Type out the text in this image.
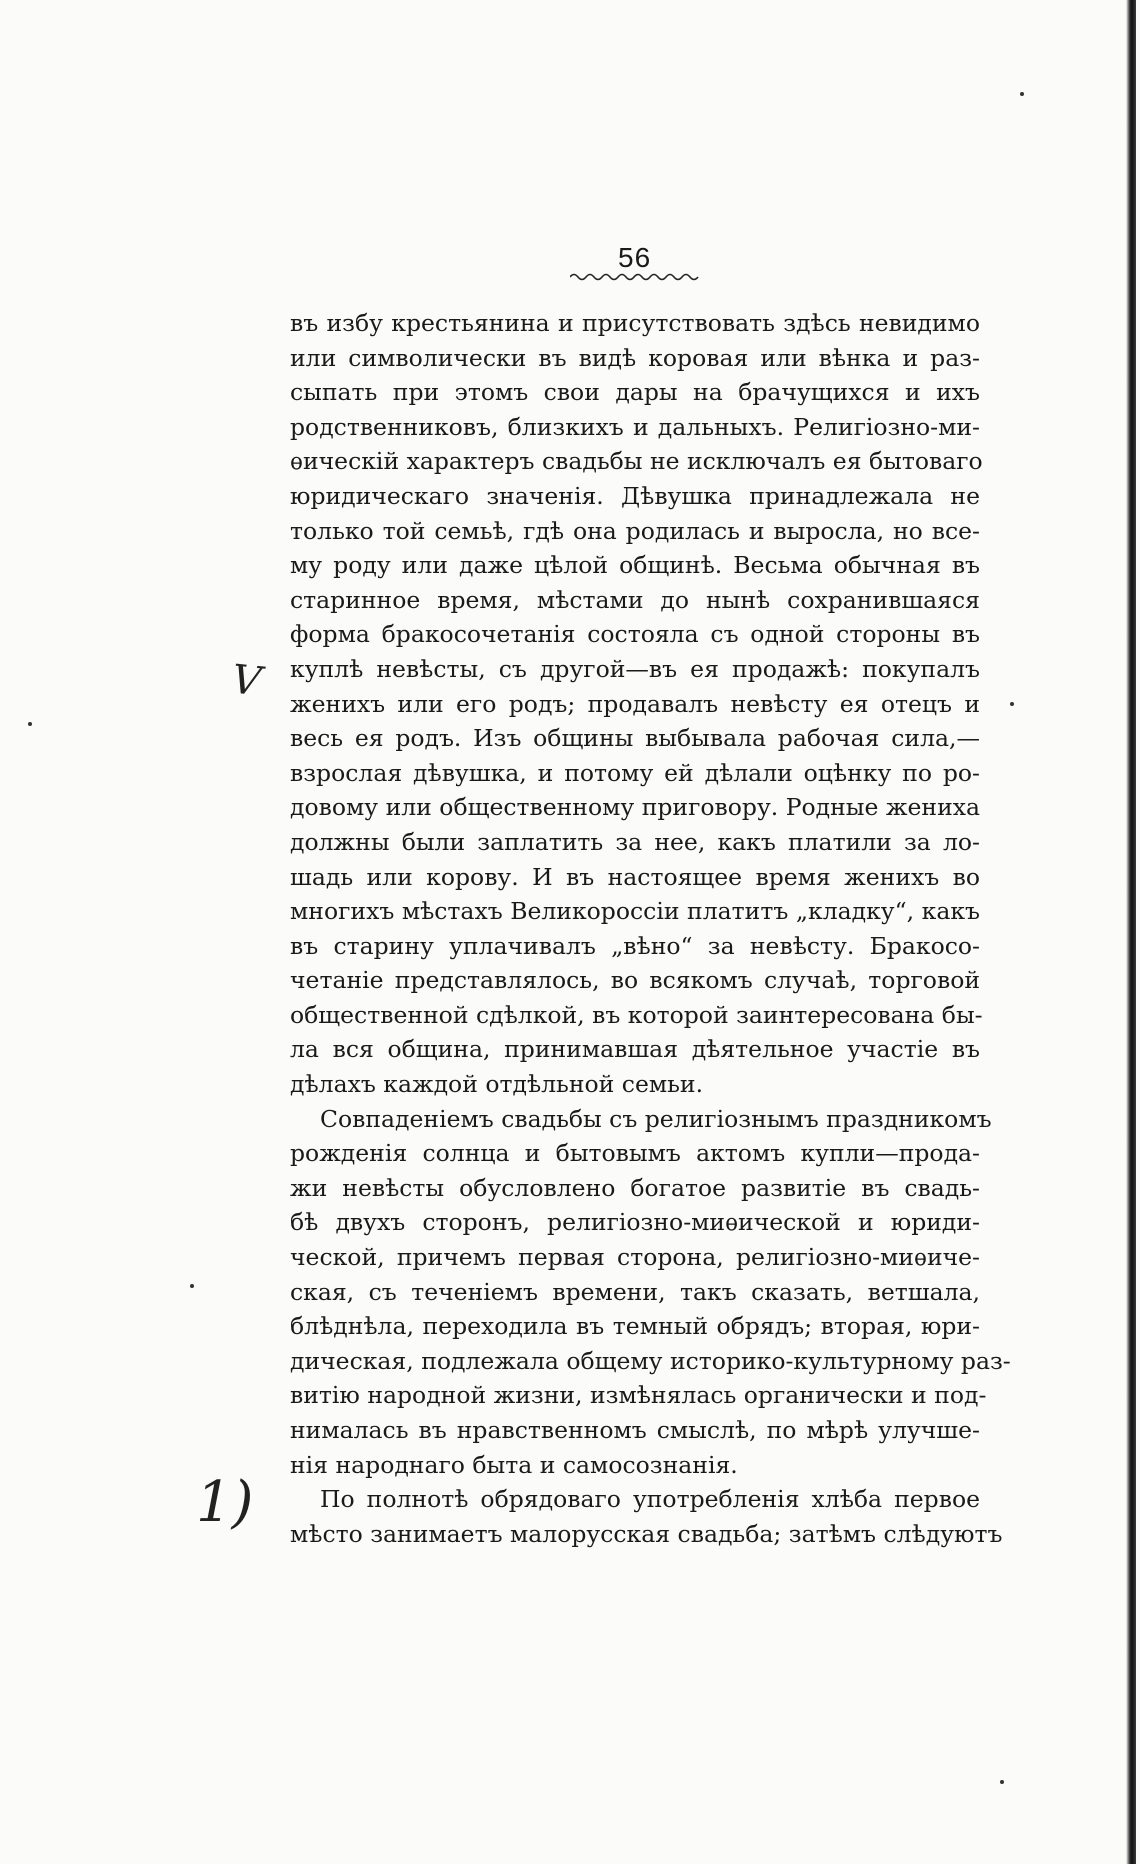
56
V
1)
въ избу крестьянина и присутствовать здѣсь невидимо
или символически въ видѣ коровая или вѣнка и раз-
сыпать при этомъ свои дары на брачущихся и ихъ
родственниковъ, близкихъ и дальныхъ. Религіозно-ми-
ѳическій характеръ свадьбы не исключалъ ея бытоваго
юридическаго значенія. Дѣвушка принадлежала не
только той семьѣ, гдѣ она родилась и выросла, но все-
му роду или даже цѣлой общинѣ. Весьма обычная въ
старинное время, мѣстами до нынѣ сохранившаяся
форма бракосочетанія состояла съ одной стороны въ
куплѣ невѣсты, съ другой—въ ея продажѣ: покупалъ
женихъ или его родъ; продавалъ невѣсту ея отецъ и
весь ея родъ. Изъ общины выбывала рабочая сила,—
взрослая дѣвушка, и потому ей дѣлали оцѣнку по ро-
довому или общественному приговору. Родные жениха
должны были заплатить за нее, какъ платили за ло-
шадь или корову. И въ настоящее время женихъ во
многихъ мѣстахъ Великороссіи платитъ „кладку“, какъ
въ старину уплачивалъ „вѣно“ за невѣсту. Бракосо-
четаніе представлялось, во всякомъ случаѣ, торговой
общественной сдѣлкой, въ которой заинтересована бы-
ла вся община, принимавшая дѣятельное участіе въ
дѣлахъ каждой отдѣльной семьи.
Совпаденіемъ свадьбы съ религіознымъ праздникомъ
рожденія солнца и бытовымъ актомъ купли—прода-
жи невѣсты обусловлено богатое развитіе въ свадь-
бѣ двухъ сторонъ, религіозно-миѳической и юриди-
ческой, причемъ первая сторона, религіозно-миѳиче-
ская, съ теченіемъ времени, такъ сказать, ветшала,
блѣднѣла, переходила въ темный обрядъ; вторая, юри-
дическая, подлежала общему историко-культурному раз-
витію народной жизни, измѣнялась органически и под-
нималась въ нравственномъ смыслѣ, по мѣрѣ улучше-
нія народнаго быта и самосознанія.
По полнотѣ обрядоваго употребленія хлѣба первое
мѣсто занимаетъ малорусская свадьба; затѣмъ слѣдуютъ
